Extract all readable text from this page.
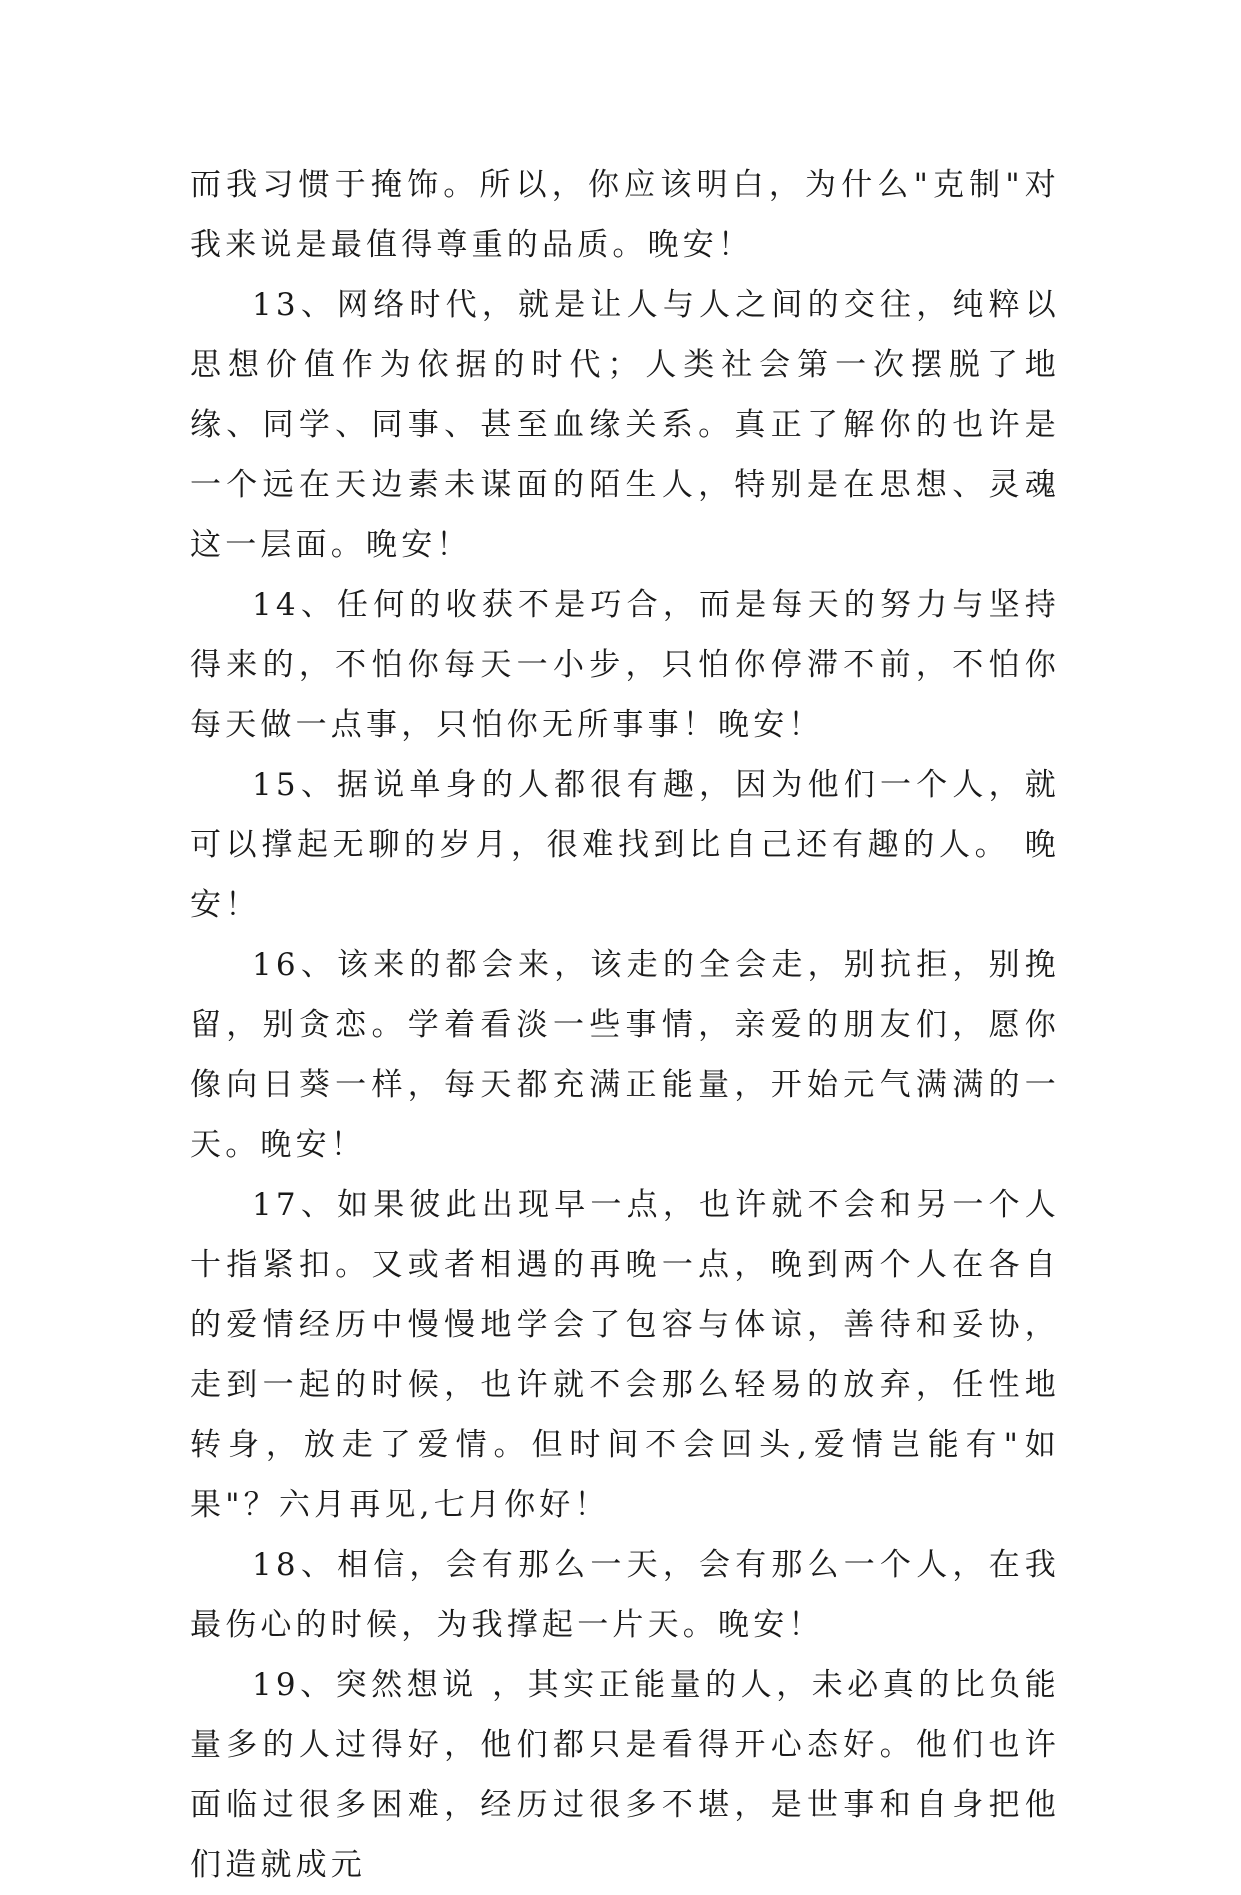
而我习惯于掩饰。所以，你应该明白，为什么"克制"对我来说是最值得尊重的品质。晚安！

13、网络时代，就是让人与人之间的交往，纯粹以思想价值作为依据的时代；人类社会第一次摆脱了地缘、同学、同事、甚至血缘关系。真正了解你的也许是一个远在天边素未谋面的陌生人，特别是在思想、灵魂这一层面。晚安！

14、任何的收获不是巧合，而是每天的努力与坚持得来的，不怕你每天一小步，只怕你停滞不前，不怕你每天做一点事，只怕你无所事事！晚安！

15、据说单身的人都很有趣，因为他们一个人，就可以撑起无聊的岁月，很难找到比自己还有趣的人。 晚安！

16、该来的都会来，该走的全会走，别抗拒，别挽留，别贪恋。学着看淡一些事情，亲爱的朋友们，愿你像向日葵一样，每天都充满正能量，开始元气满满的一天。晚安！

17、如果彼此出现早一点，也许就不会和另一个人十指紧扣。又或者相遇的再晚一点，晚到两个人在各自的爱情经历中慢慢地学会了包容与体谅，善待和妥协，走到一起的时候，也许就不会那么轻易的放弃，任性地转身，放走了爱情。但时间不会回头,爱情岂能有"如果"？六月再见,七月你好！

18、相信，会有那么一天，会有那么一个人，在我最伤心的时候，为我撑起一片天。晚安！

19、突然想说 ，其实正能量的人，未必真的比负能量多的人过得好，他们都只是看得开心态好。他们也许面临过很多困难，经历过很多不堪，是世事和自身把他们造就成元
